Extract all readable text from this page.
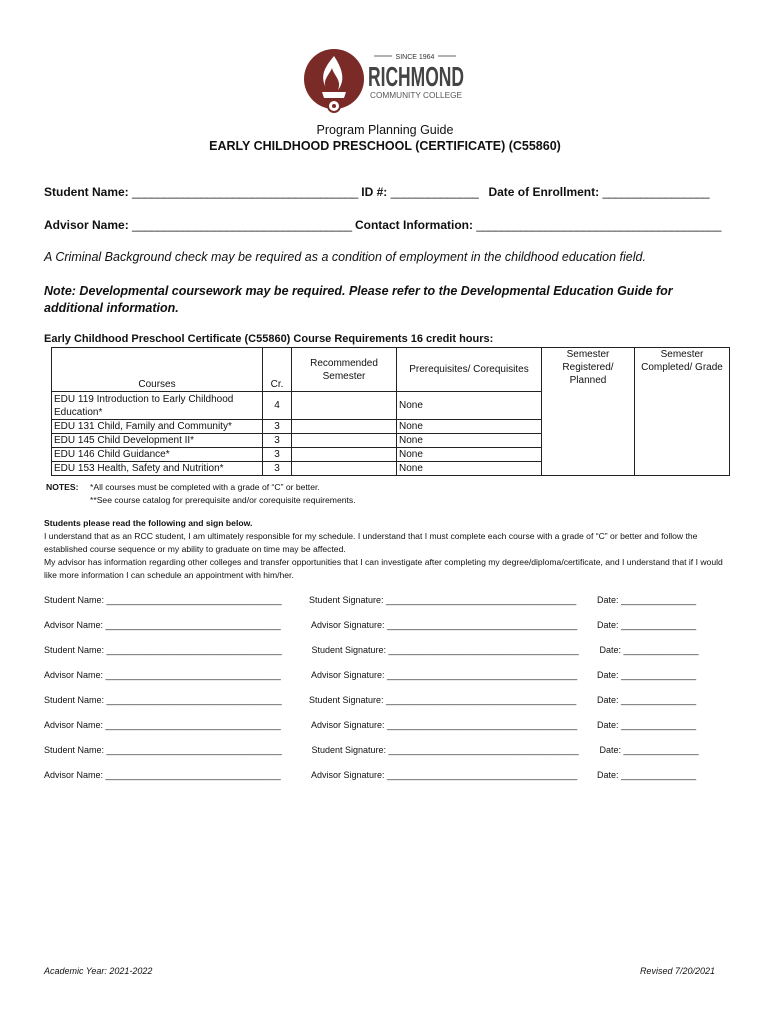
SINCE 1964
RICHMOND
COMMUNITY COLLEGE
Program Planning Guide
EARLY CHILDHOOD PRESCHOOL (CERTIFICATE) (C55860)
Student Name: ____________________________________ ID #: ______________ Date of Enrollment: _________________
Advisor Name: ___________________________________ Contact Information: _______________________________________
A Criminal Background check may be required as a condition of employment in the childhood education field.
Note: Developmental coursework may be required. Please refer to the Developmental Education Guide for additional information.
Early Childhood Preschool Certificate (C55860) Course Requirements 16 credit hours:
Courses	Cr.	Recommended Semester	Prerequisites/ Corequisites	Semester Registered/ Planned	Semester Completed/ Grade
EDU 119 Introduction to Early Childhood Education*	4		None		
EDU 131 Child, Family and Community*	3		None		
EDU 145 Child Development II*	3		None		
EDU 146 Child Guidance*	3		None		
EDU 153 Health, Safety and Nutrition*	3		None		
NOTES: *All courses must be completed with a grade of “C” or better.
**See course catalog for prerequisite and/or corequisite requirements.
Students please read the following and sign below.
I understand that as an RCC student, I am ultimately responsible for my schedule. I understand that I must complete each course with a grade of “C” or better and follow the established course sequence or my ability to graduate on time may be affected.
My advisor has information regarding other colleges and transfer opportunities that I can investigate after completing my degree/diploma/certificate, and I understand that if I would like more information I can schedule an appointment with him/her.
Student Name: ___________________________________	Student Signature: ______________________________________ Date: _______________
Advisor Name: ___________________________________	Advisor Signature: ______________________________________ Date: _______________
Student Name: ___________________________________	Student Signature: ______________________________________ Date: _______________
Advisor Name: ___________________________________	Advisor Signature: ______________________________________ Date: _______________
Student Name: ___________________________________	Student Signature: ______________________________________ Date: _______________
Advisor Name: ___________________________________	Advisor Signature: ______________________________________ Date: _______________
Student Name: ___________________________________	Student Signature: ______________________________________ Date: _______________
Advisor Name: ___________________________________	Advisor Signature: ______________________________________ Date: _______________
Academic Year: 2021-2022	Revised 7/20/2021
